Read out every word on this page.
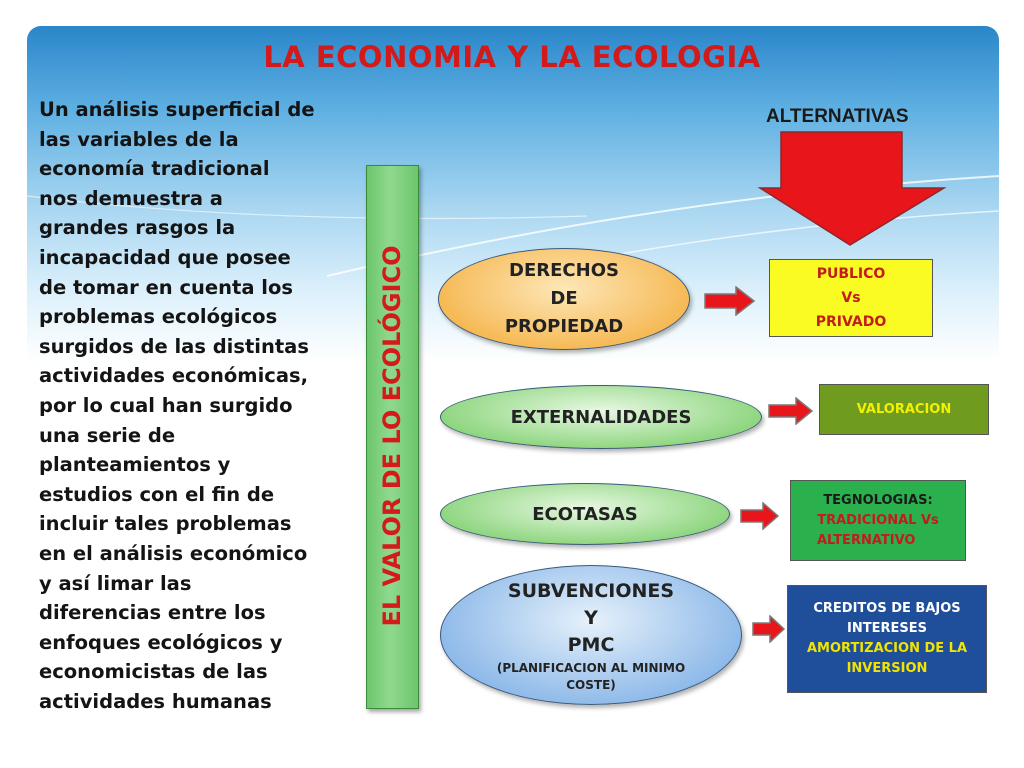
LA ECONOMIA Y LA ECOLOGIA
Un análisis superficial de
las variables de la
economía tradicional
nos demuestra a
grandes rasgos la
incapacidad que posee
de tomar en cuenta los
problemas ecológicos
surgidos de las distintas
actividades económicas,
por lo cual han surgido
una serie de
planteamientos y
estudios con el fin de
incluir tales problemas
en el análisis económico
y así limar las
diferencias entre los
enfoques ecológicos y
economicistas de las
actividades humanas
EL VALOR DE LO ECOLÓGICO
ALTERNATIVAS
DERECHOS
DE
PROPIEDAD
EXTERNALIDADES
ECOTASAS
SUBVENCIONES
Y
PMC
(PLANIFICACION AL MINIMO
COSTE)
PUBLICO
Vs
PRIVADO
VALORACION
TEGNOLOGIAS:
TRADICIONAL Vs
ALTERNATIVO
CREDITOS DE BAJOS
INTERESES
AMORTIZACION DE LA
INVERSION
